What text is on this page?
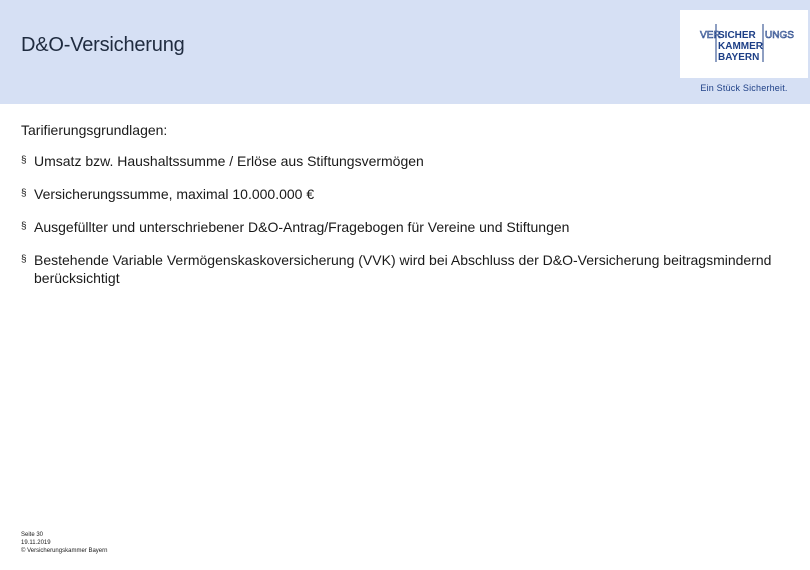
D&O-Versicherung	VER
SICHER UNGS
KAMMER
BAYERN
Ein Stück Sicherheit.
Tarifierungsgrundlagen:
§ Umsatz bzw. Haushaltssumme / Erlöse aus Stiftungsvermögen
§ Versicherungssumme, maximal 10.000.000 €
§ Ausgefüllter und unterschriebener D&O-Antrag/Fragebogen für Vereine und Stiftungen
§ Bestehende Variable Vermögenskaskoversicherung (VVK) wird bei Abschluss der D&O-Versicherung beitragsmindernd berücksichtigt
Seite 30
19.11.2019
© Versicherungskammer Bayern
